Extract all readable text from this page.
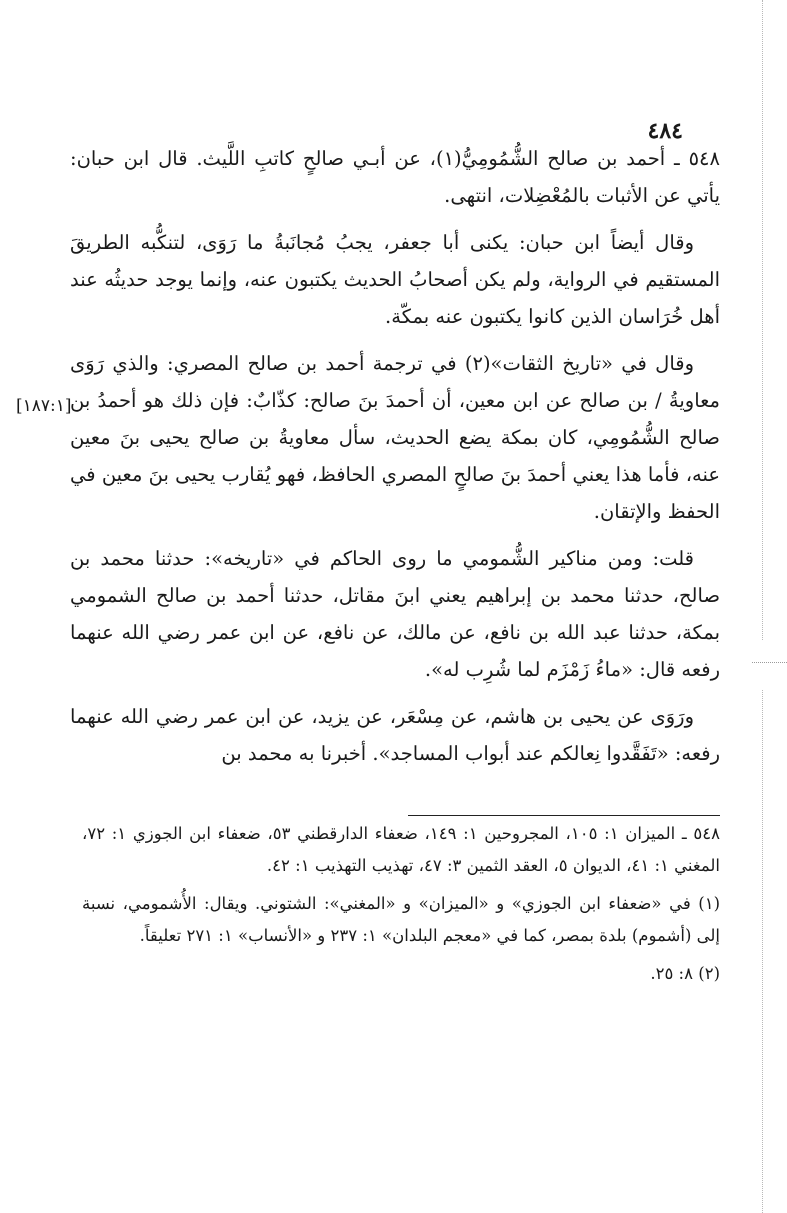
٤٨٤
[١٨٧:١]

٥٤٨ ـ أحمد بن صالح الشُّمُومِيُّ(١)، عن أبـي صالحٍ كاتبِ اللَّيث. قال ابن حبان: يأتي عن الأثبات بالمُعْضِلات، انتهى.

وقال أيضاً ابن حبان: يكنى أبا جعفر، يجبُ مُجانَبةُ ما رَوَى، لتنكُّبه الطريقَ المستقيم في الرواية، ولم يكن أصحابُ الحديث يكتبون عنه، وإنما يوجد حديثُه عند أهل خُرَاسان الذين كانوا يكتبون عنه بمكّة.

وقال في «تاريخ الثقات»(٢) في ترجمة أحمد بن صالح المصري: والذي رَوَى معاويةُ / بن صالح عن ابن معين، أن أحمدَ بنَ صالح: كذّابٌ: فإن ذلك هو أحمدُ بن صالح الشُّمُومِي، كان بمكة يضع الحديث، سأل معاويةُ بن صالح يحيى بنَ معين عنه، فأما هذا يعني أحمدَ بنَ صالحٍ المصري الحافظ، فهو يُقارب يحيى بنَ معين في الحفظ والإتقان.

قلت: ومن مناكير الشُّمومي ما روى الحاكم في «تاريخه»: حدثنا محمد بن صالح، حدثنا محمد بن إبراهيم يعني ابنَ مقاتل، حدثنا أحمد بن صالح الشمومي بمكة، حدثنا عبد الله بن نافع، عن مالك، عن نافع، عن ابن عمر رضي الله عنهما رفعه قال: «ماءُ زَمْزَم لما شُرِب له».

ورَوَى عن يحيى بن هاشم، عن مِسْعَر، عن يزيد، عن ابن عمر رضي الله عنهما رفعه: «تَفَقَّدوا نِعالكم عند أبواب المساجد». أخبرنا به محمد بن

٥٤٨ ـ الميزان ١: ١٠٥، المجروحين ١: ١٤٩، ضعفاء الدارقطني ٥٣، ضعفاء ابن الجوزي ١: ٧٢، المغني ١: ٤١، الديوان ٥، العقد الثمين ٣: ٤٧، تهذيب التهذيب ١: ٤٢.

(١) في «ضعفاء ابن الجوزي» و «الميزان» و «المغني»: الشتوني. ويقال: الأُشمومي، نسبة إلى (أشموم) بلدة بمصر، كما في «معجم البلدان» ١: ٢٣٧ و «الأنساب» ١: ٢٧١ تعليقاً.

(٢) ٨: ٢٥.
